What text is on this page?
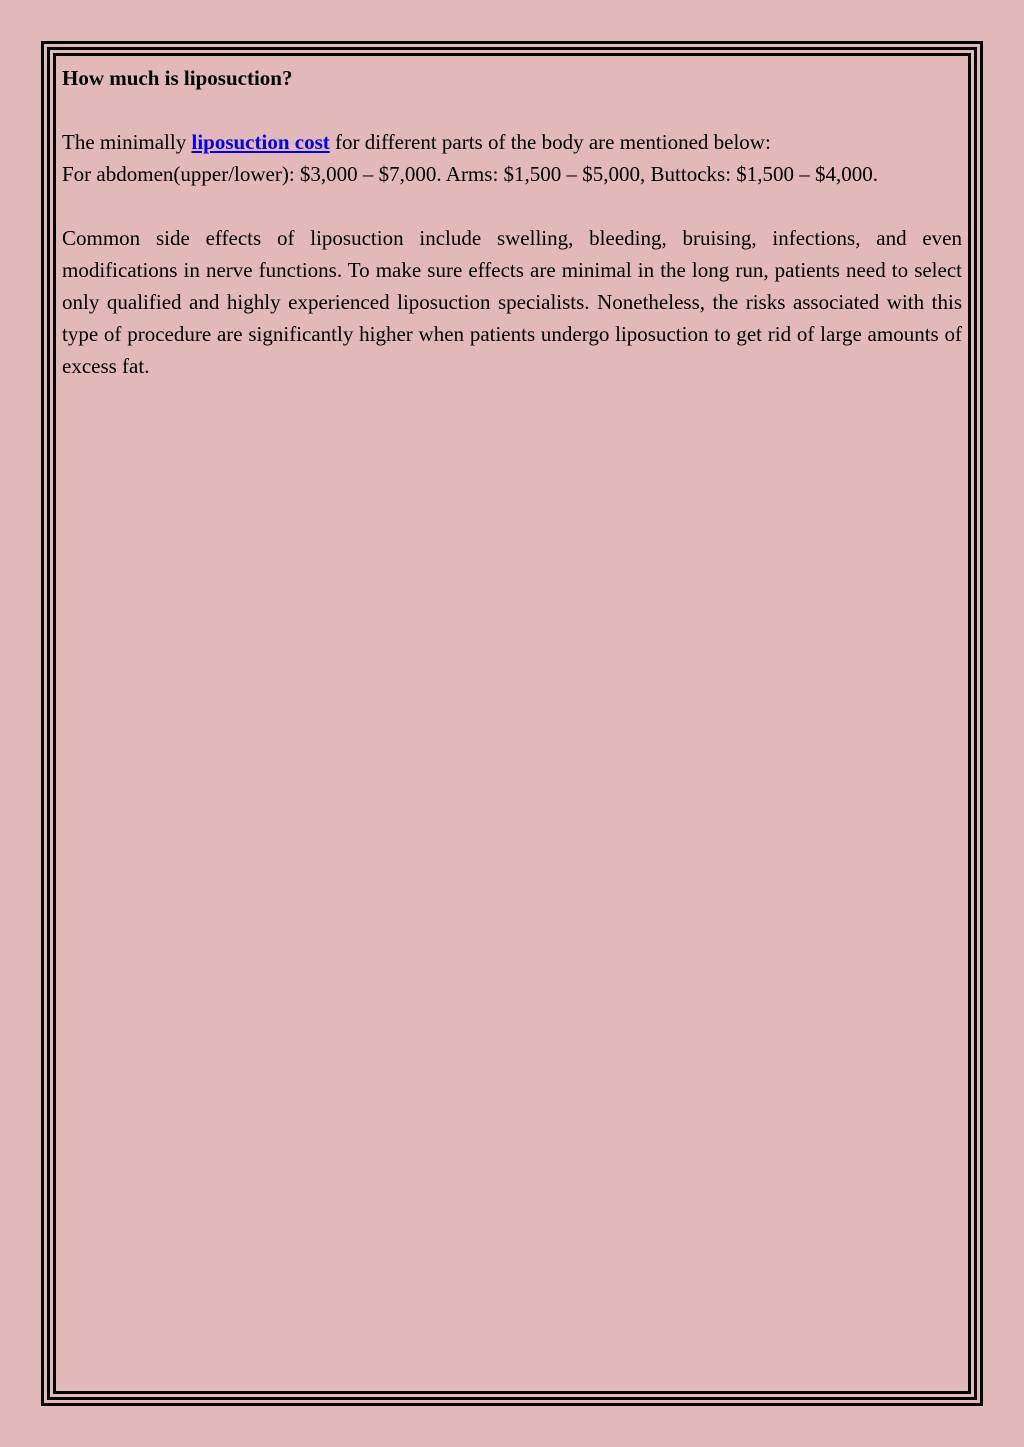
How much is liposuction?
The minimally liposuction cost for different parts of the body are mentioned below:
For abdomen(upper/lower): $3,000 – $7,000. Arms: $1,500 – $5,000, Buttocks: $1,500 – $4,000.
Common side effects of liposuction include swelling, bleeding, bruising, infections, and even modifications in nerve functions. To make sure effects are minimal in the long run, patients need to select only qualified and highly experienced liposuction specialists. Nonetheless, the risks associated with this type of procedure are significantly higher when patients undergo liposuction to get rid of large amounts of excess fat.
